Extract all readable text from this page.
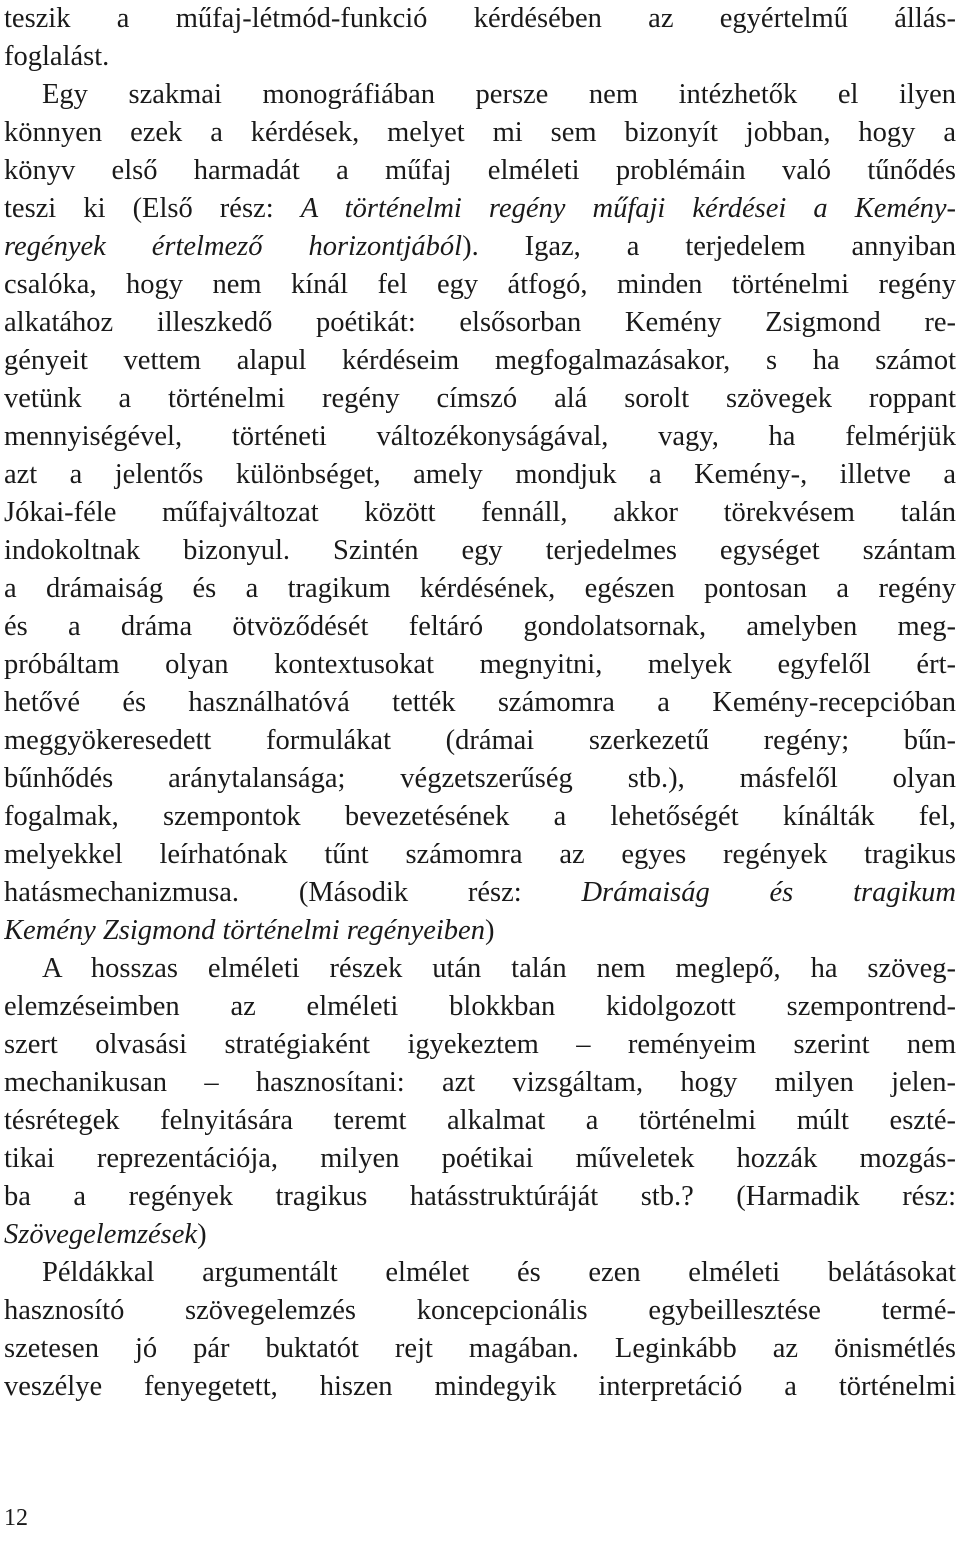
teszik a műfaj-létmód-funkció kérdésében az egyértelmű állás-
foglalást.
Egy szakmai monográfiában persze nem intézhetők el ilyen
könnyen ezek a kérdések, melyet mi sem bizonyít jobban, hogy a
könyv első harmadát a műfaj elméleti problémáin való tűnődés
teszi ki (Első rész: A történelmi regény műfaji kérdései a Kemény-
regények értelmező horizontjából). Igaz, a terjedelem annyiban
csalóka, hogy nem kínál fel egy átfogó, minden történelmi regény
alkatához illeszkedő poétikát: elsősorban Kemény Zsigmond re-
gényeit vettem alapul kérdéseim megfogalmazásakor, s ha számot
vetünk a történelmi regény címszó alá sorolt szövegek roppant
mennyiségével, történeti változékonyságával, vagy, ha felmérjük
azt a jelentős különbséget, amely mondjuk a Kemény-, illetve a
Jókai-féle műfajváltozat között fennáll, akkor törekvésem talán
indokoltnak bizonyul. Szintén egy terjedelmes egységet szántam
a drámaiság és a tragikum kérdésének, egészen pontosan a regény
és a dráma ötvöződését feltáró gondolatsornak, amelyben meg-
próbáltam olyan kontextusokat megnyitni, melyek egyfelől ért-
hetővé és használhatóvá tették számomra a Kemény-recepcióban
meggyökeresedett formulákat (drámai szerkezetű regény; bűn-
bűnhődés aránytalansága; végzetszerűség stb.), másfelől olyan
fogalmak, szempontok bevezetésének a lehetőségét kínálták fel,
melyekkel leírhatónak tűnt számomra az egyes regények tragikus
hatásmechanizmusa. (Második rész: Drámaiság és tragikum
Kemény Zsigmond történelmi regényeiben)
A hosszas elméleti részek után talán nem meglepő, ha szöveg-
elemzéseimben az elméleti blokkban kidolgozott szempontrend-
szert olvasási stratégiaként igyekeztem – reményeim szerint nem
mechanikusan – hasznosítani: azt vizsgáltam, hogy milyen jelen-
tésrétegek felnyitására teremt alkalmat a történelmi múlt eszté-
tikai reprezentációja, milyen poétikai műveletek hozzák mozgás-
ba a regények tragikus hatásstruktúráját stb.? (Harmadik rész:
Szövegelemzések)
Példákkal argumentált elmélet és ezen elméleti belátásokat
hasznosító szövegelemzés koncepcionális egybeillesztése termé-
szetesen jó pár buktatót rejt magában. Leginkább az önismétlés
veszélye fenyegetett, hiszen mindegyik interpretáció a történelmi
12
